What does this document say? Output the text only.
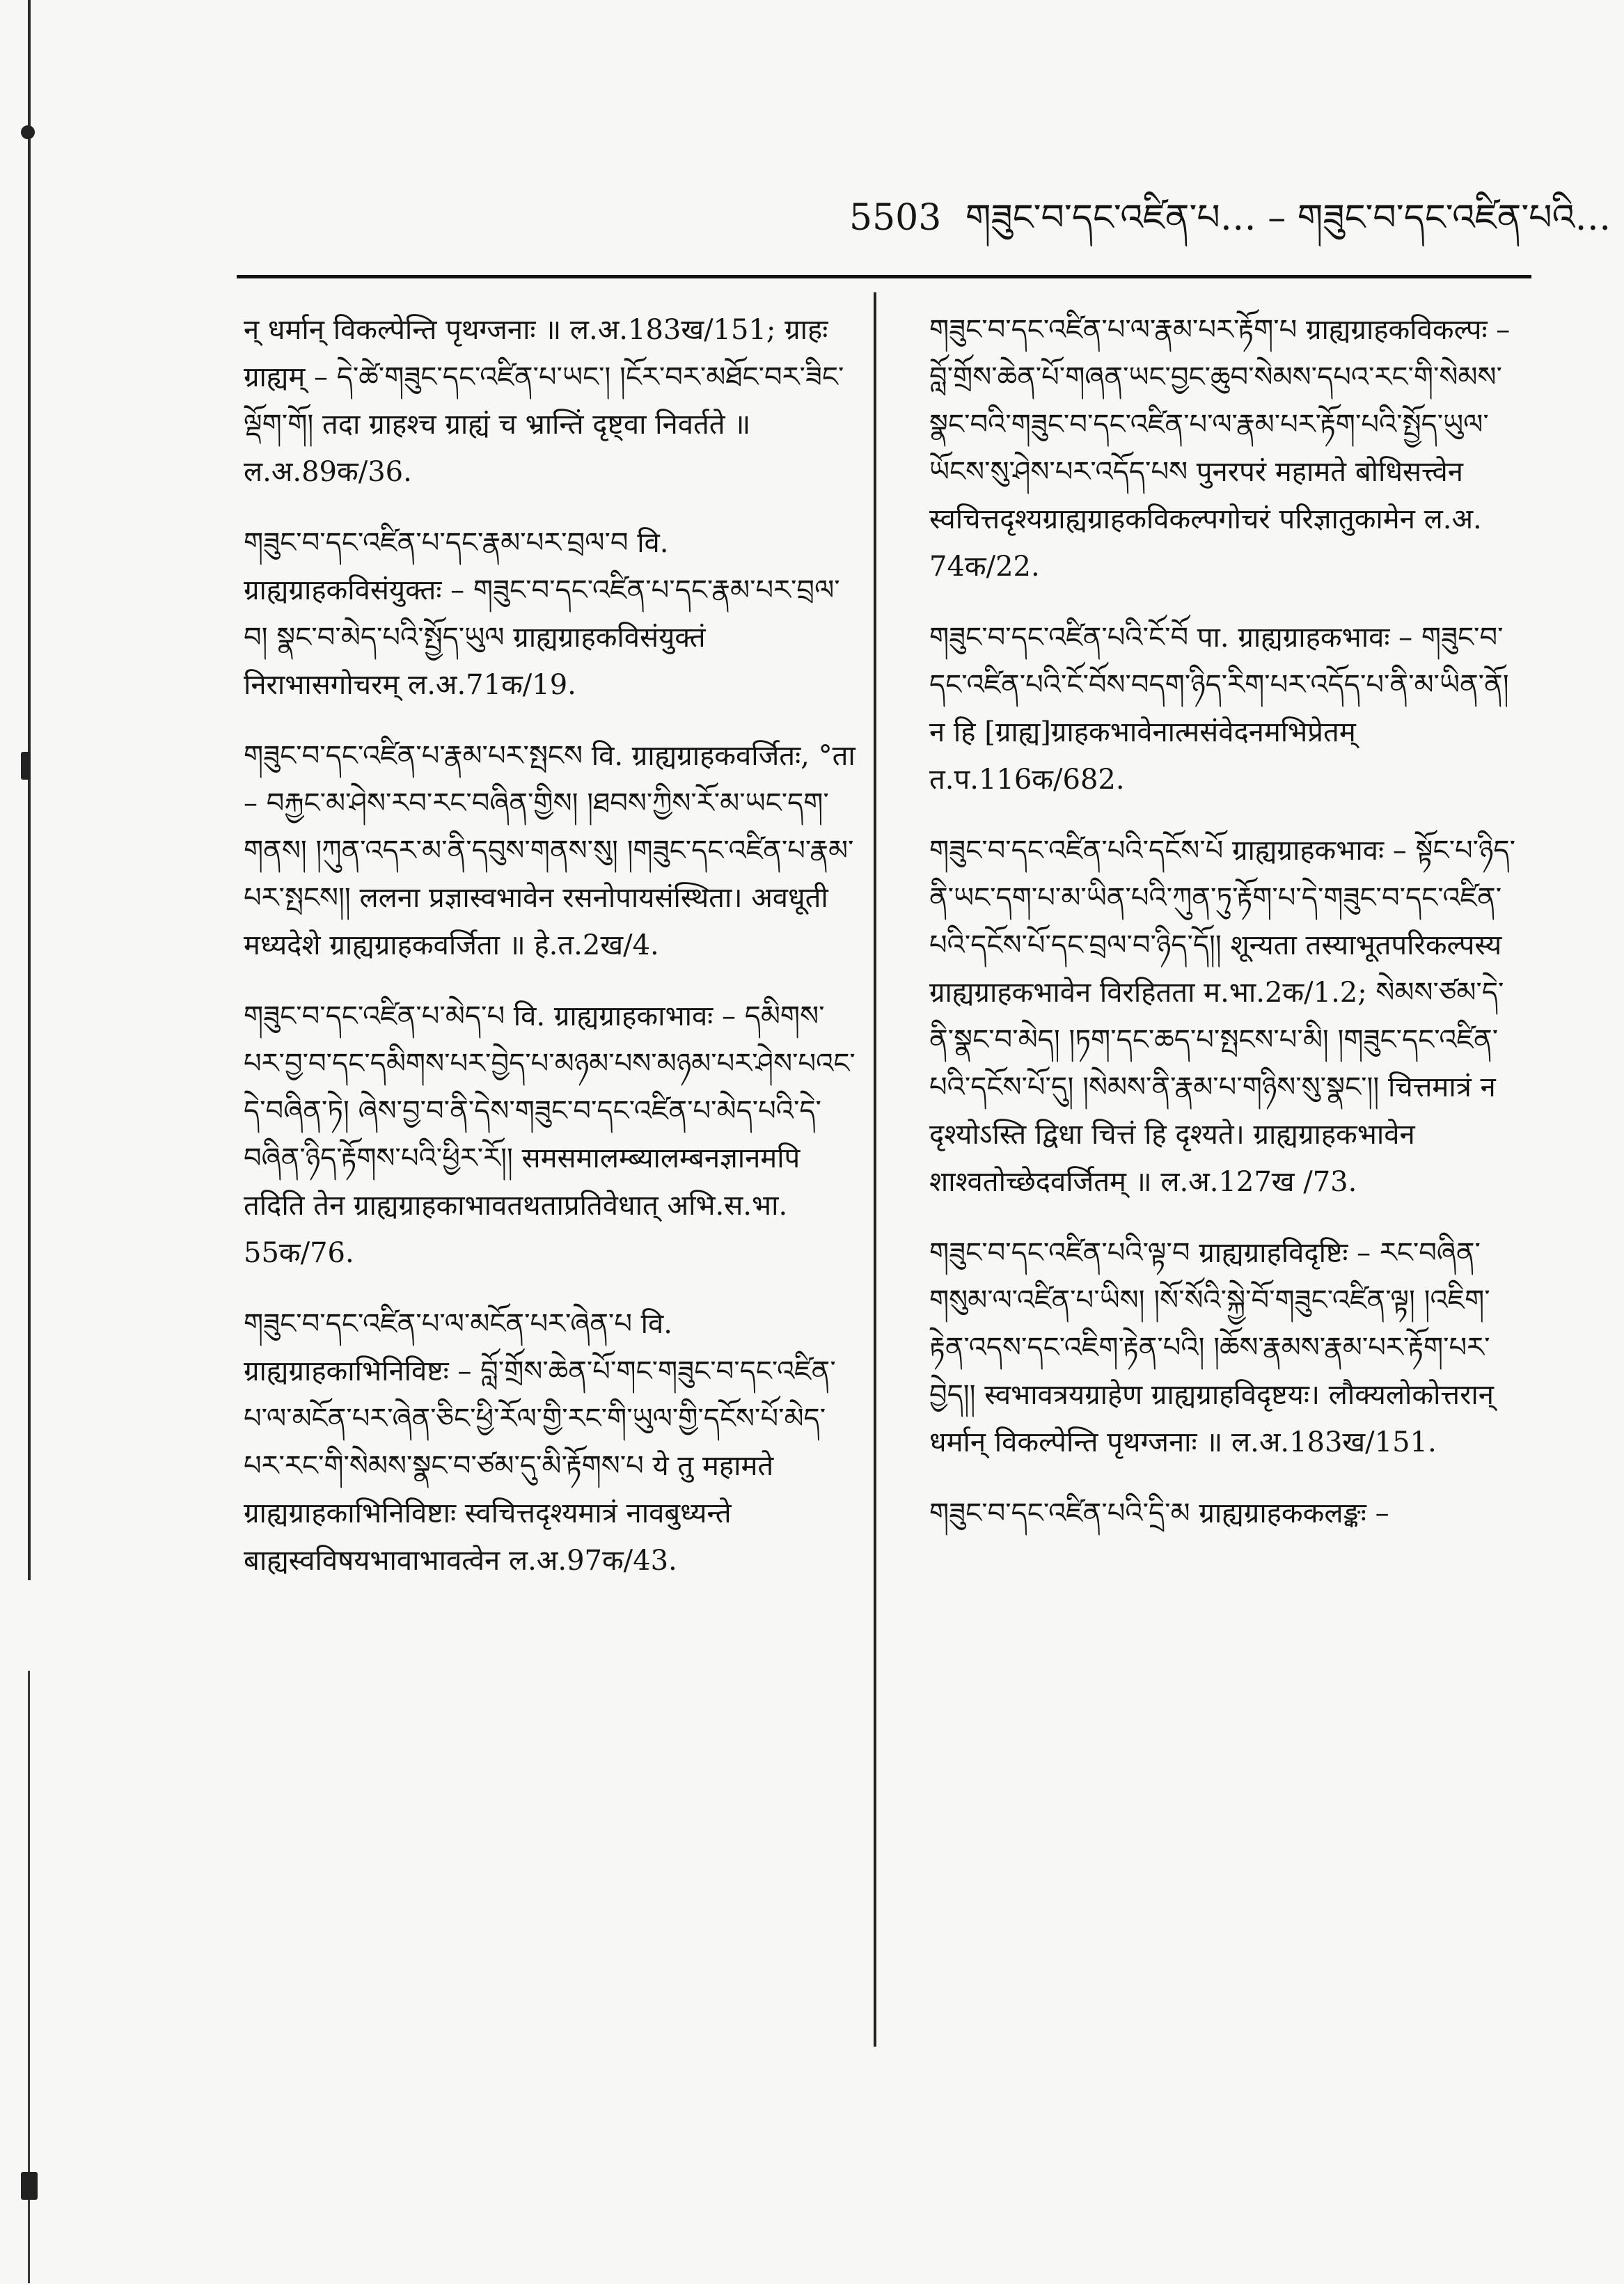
5503 གཟུང་བ་དང་འཛིན་པ… – གཟུང་བ་དང་འཛིན་པའི…

न् धर्मान् विकल्पेन्ति पृथग्जनाः ॥ ल.अ.183ख/151; ग्राहः ग्राह्यम् – དེ་ཚེ་གཟུང་དང་འཛིན་པ་ཡང་། །ངོར་བར་མཐོང་བར་ཟིང་ལྡོག་གོ། तदा ग्राहश्च ग्राह्यं च भ्रान्तिं दृष्ट्वा निवर्तते ॥ ल.अ.89क/36.

གཟུང་བ་དང་འཛིན་པ་དང་རྣམ་པར་བྲལ་བ वि. ग्राह्यग्राहकविसंयुक्तः – གཟུང་བ་དང་འཛིན་པ་དང་རྣམ་པར་བྲལ་བ། སྣང་བ་མེད་པའི་སྤྱོད་ཡུལ ग्राह्यग्राहकविसंयुक्तं निराभासगोचरम् ल.अ.71क/19.

གཟུང་བ་དང་འཛིན་པ་རྣམ་པར་སྤངས वि. ग्राह्यग्राहकवर्जितः, °ता – བརྐྱང་མ་ཤེས་རབ་རང་བཞིན་གྱིས། །ཐབས་ཀྱིས་རོ་མ་ཡང་དག་གནས། །ཀུན་འདར་མ་ནི་དབུས་གནས་སུ། །གཟུང་དང་འཛིན་པ་རྣམ་པར་སྤངས།། ललना प्रज्ञास्वभावेन रसनोपायसंस्थिता। अवधूती मध्यदेशे ग्राह्यग्राहकवर्जिता ॥ हे.त.2ख/4.

གཟུང་བ་དང་འཛིན་པ་མེད་པ वि. ग्राह्यग्राहकाभावः – དམིགས་པར་བྱ་བ་དང་དམིགས་པར་བྱེད་པ་མཉམ་པས་མཉམ་པར་ཤེས་པའང་དེ་བཞིན་ཏེ། ཞེས་བྱ་བ་ནི་དེས་གཟུང་བ་དང་འཛིན་པ་མེད་པའི་དེ་བཞིན་ཉིད་རྟོགས་པའི་ཕྱིར་རོ།། समसमालम्ब्यालम्बनज्ञानमपि तदिति तेन ग्राह्यग्राहकाभावतथताप्रतिवेधात् अभि.स.भा. 55क/76.

གཟུང་བ་དང་འཛིན་པ་ལ་མངོན་པར་ཞེན་པ वि. ग्राह्यग्राहकाभिनिविष्टः – བློ་གྲོས་ཆེན་པོ་གང་གཟུང་བ་དང་འཛིན་པ་ལ་མངོན་པར་ཞེན་ཅིང་ཕྱི་རོལ་གྱི་རང་གི་ཡུལ་གྱི་དངོས་པོ་མེད་པར་རང་གི་སེམས་སྣང་བ་ཙམ་དུ་མི་རྟོགས་པ ये तु महामते ग्राह्यग्राहकाभिनिविष्टाः स्वचित्तदृश्यमात्रं नावबुध्यन्ते बाह्यस्वविषयभावाभावत्वेन ल.अ.97क/43.

གཟུང་བ་དང་འཛིན་པ་ལ་རྣམ་པར་རྟོག་པ ग्राह्यग्राहकविकल्पः – བློ་གྲོས་ཆེན་པོ་གཞན་ཡང་བྱང་ཆུབ་སེམས་དཔའ་རང་གི་སེམས་སྣང་བའི་གཟུང་བ་དང་འཛིན་པ་ལ་རྣམ་པར་རྟོག་པའི་སྤྱོད་ཡུལ་ཡོངས་སུ་ཤེས་པར་འདོད་པས पुनरपरं महामते बोधिसत्त्वेन स्वचित्तदृश्यग्राह्यग्राहकविकल्पगोचरं परिज्ञातुकामेन ल.अ. 74क/22.

གཟུང་བ་དང་འཛིན་པའི་ངོ་བོ पा. ग्राह्यग्राहकभावः – གཟུང་བ་དང་འཛིན་པའི་ངོ་བོས་བདག་ཉིད་རིག་པར་འདོད་པ་ནི་མ་ཡིན་ནོ། न हि [ग्राह्य]ग्राहकभावेनात्मसंवेदनमभिप्रेतम् त.प.116क/682.

གཟུང་བ་དང་འཛིན་པའི་དངོས་པོ ग्राह्यग्राहकभावः – སྟོང་པ་ཉིད་ནི་ཡང་དག་པ་མ་ཡིན་པའི་ཀུན་ཏུ་རྟོག་པ་དེ་གཟུང་བ་དང་འཛིན་པའི་དངོས་པོ་དང་བྲལ་བ་ཉིད་དོ།། शून्यता तस्याभूतपरिकल्पस्य ग्राह्यग्राहकभावेन विरहितता म.भा.2क/1.2; སེམས་ཙམ་དེ་ནི་སྣང་བ་མེད། །ཏག་དང་ཆད་པ་སྤངས་པ་མི། །གཟུང་དང་འཛིན་པའི་དངོས་པོ་དུ། །སེམས་ནི་རྣམ་པ་གཉིས་སུ་སྣང་།། चित्तमात्रं न दृश्योऽस्ति द्विधा चित्तं हि दृश्यते। ग्राह्यग्राहकभावेन शाश्वतोच्छेदवर्जितम् ॥ ल.अ.127ख /73.

གཟུང་བ་དང་འཛིན་པའི་ལྟ་བ ग्राह्यग्राहविदृष्टिः – རང་བཞིན་གསུམ་ལ་འཛིན་པ་ཡིས། །སོ་སོའི་སྐྱེ་བོ་གཟུང་འཛིན་ལྟ། །འཇིག་རྟེན་འདས་དང་འཇིག་རྟེན་པའི། །ཆོས་རྣམས་རྣམ་པར་རྟོག་པར་བྱེད།། स्वभावत्रयग्राहेण ग्राह्यग्राहविदृष्टयः। लौक्यलोकोत्तरान् धर्मान् विकल्पेन्ति पृथग्जनाः ॥ ल.अ.183ख/151.

གཟུང་བ་དང་འཛིན་པའི་དྲི་མ ग्राह्यग्राहककलङ्कः –
